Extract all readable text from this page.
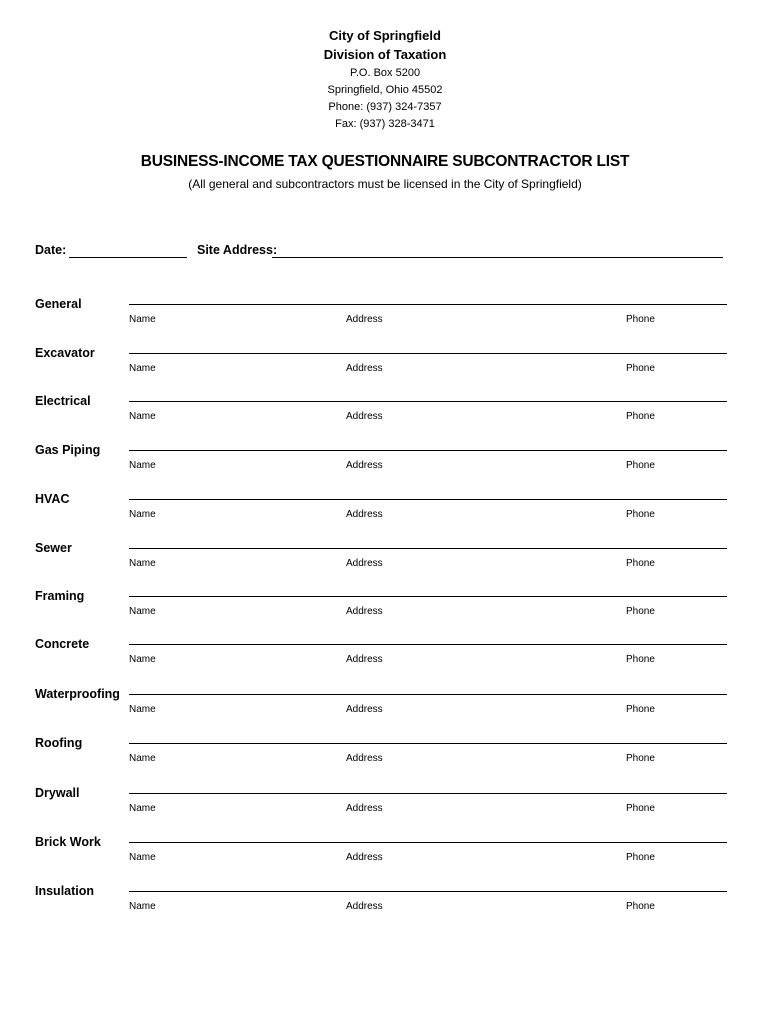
City of Springfield
Division of Taxation
P.O. Box 5200
Springfield, Ohio 45502
Phone: (937) 324-7357
Fax: (937) 328-3471
BUSINESS-INCOME TAX QUESTIONNAIRE SUBCONTRACTOR LIST
(All general and subcontractors must be licensed in the City of Springfield)
Date:	Site Address:
General
Name	Address	Phone
Excavator
Name	Address	Phone
Electrical
Name	Address	Phone
Gas Piping
Name	Address	Phone
HVAC
Name	Address	Phone
Sewer
Name	Address	Phone
Framing
Name	Address	Phone
Concrete
Name	Address	Phone
Waterproofing
Name	Address	Phone
Roofing
Name	Address	Phone
Drywall
Name	Address	Phone
Brick Work
Name	Address	Phone
Insulation
Name	Address	Phone
